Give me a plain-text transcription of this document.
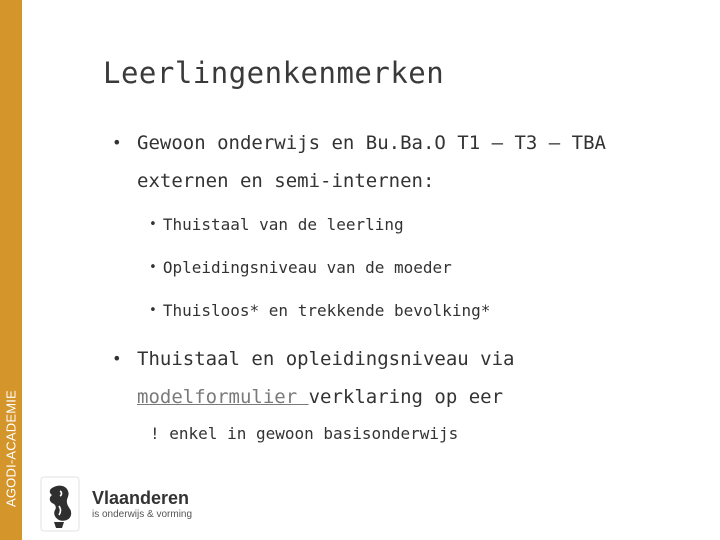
AGODI-ACADEMIE
Leerlingenkenmerken
• Gewoon onderwijs en Bu.Ba.O T1 – T3 – TBA externen en semi-internen:
• Thuistaal van de leerling
• Opleidingsniveau van de moeder
• Thuisloos* en trekkende bevolking*
• Thuistaal en opleidingsniveau via
modelformulier verklaring op eer
! enkel in gewoon basisonderwijs
Vlaanderen
is onderwijs & vorming
